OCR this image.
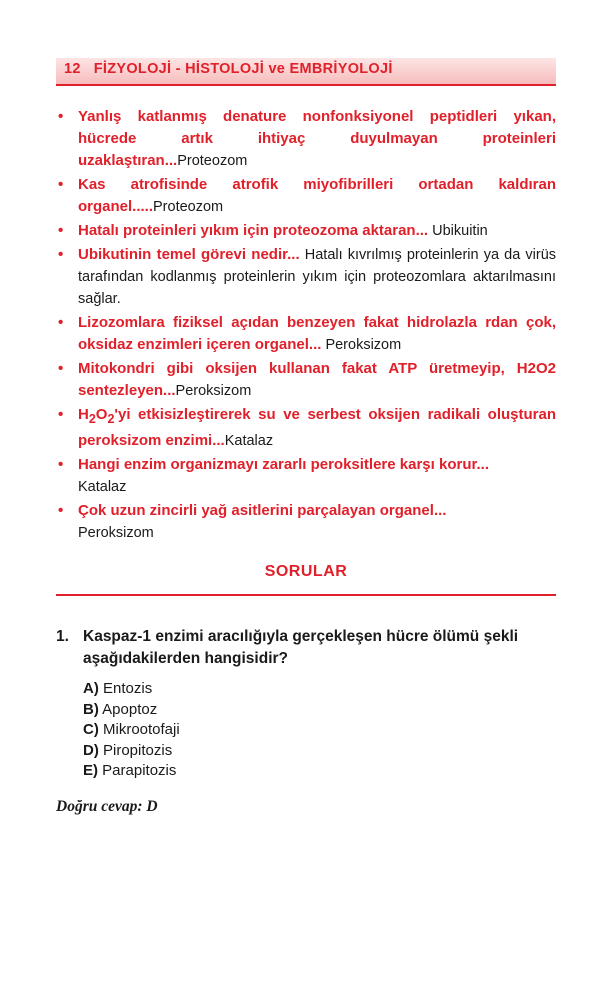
12 FİZYOLOJİ - HİSTOLOJİ ve EMBRİYOLOJİ
• Yanlış katlanmış denature nonfonksiyonel peptidleri yıkan, hücrede artık ihtiyaç duyulmayan proteinleri uzaklaştıran...Proteozom
• Kas atrofisinde atrofik miyofibrilleri ortadan kaldıran organel.....Proteozom
• Hatalı proteinleri yıkım için proteozoma aktaran... Ubikuitin
• Ubikutinin temel görevi nedir... Hatalı kıvrılmış proteinlerin ya da virüs tarafından kodlanmış proteinlerin yıkım için proteozomlara aktarılmasını sağlar.
• Lizozomlara fiziksel açıdan benzeyen fakat hidrolazla rdan çok, oksidaz enzimleri içeren organel... Peroksizom
• Mitokondri gibi oksijen kullanan fakat ATP üretmeyip, H2O2 sentezleyen...Peroksizom
• $H_2O_2'yi$ etkisizleştirerek su ve serbest oksijen radikali oluşturan peroksizom enzimi...Katalaz
• Hangi enzim organizmayı zararlı peroksitlere karşı korur...
Katalaz
• Çok uzun zincirli yağ asitlerini parçalayan organel...
Peroksizom
SORULAR
1. Kaspaz-1 enzimi aracılığıyla gerçekleşen hücre ölümü şekli aşağıdakilerden hangisidir?
A) Entozis
B) Apoptoz
C) Mikrootofaji
D) Piropitozis
E) Parapitozis
Doğru cevap: D
